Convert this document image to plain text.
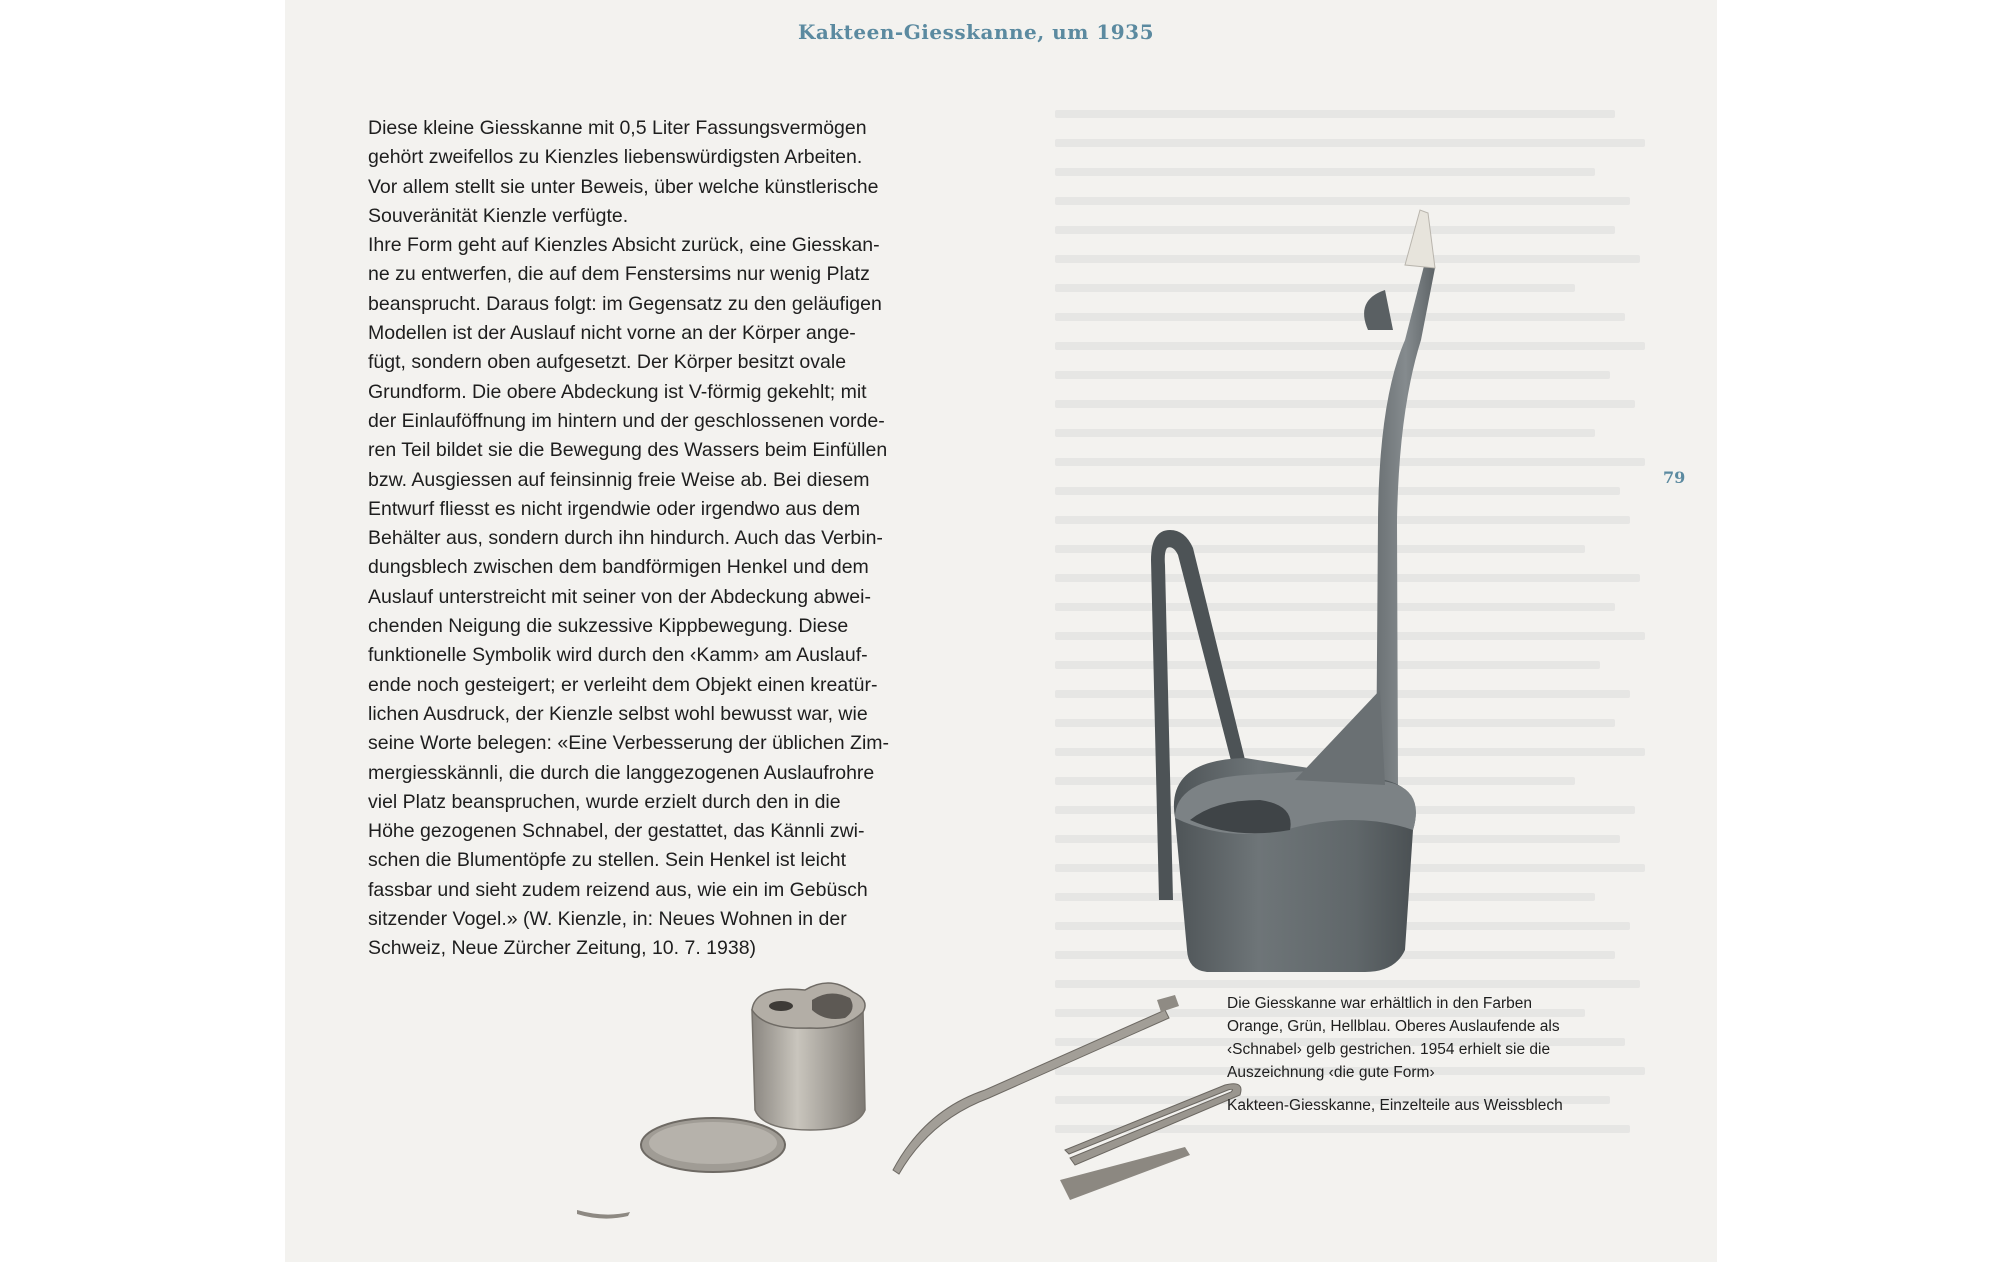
Kakteen-Giesskanne, um 1935

Diese kleine Giesskanne mit 0,5 Liter Fassungsvermögen

gehört zweifellos zu Kienzles liebenswürdigsten Arbeiten.

Vor allem stellt sie unter Beweis, über welche künstlerische

Souveränität Kienzle verfügte.

Ihre Form geht auf Kienzles Absicht zurück, eine Giesskan-

ne zu entwerfen, die auf dem Fenstersims nur wenig Platz

beansprucht. Daraus folgt: im Gegensatz zu den geläufigen

Modellen ist der Auslauf nicht vorne an der Körper ange-

fügt, sondern oben aufgesetzt. Der Körper besitzt ovale

Grundform. Die obere Abdeckung ist V-förmig gekehlt; mit

der Einlauföffnung im hintern und der geschlossenen vorde-

ren Teil bildet sie die Bewegung des Wassers beim Einfüllen

bzw. Ausgiessen auf feinsinnig freie Weise ab. Bei diesem

Entwurf fliesst es nicht irgendwie oder irgendwo aus dem

Behälter aus, sondern durch ihn hindurch. Auch das Verbin-

dungsblech zwischen dem bandförmigen Henkel und dem

Auslauf unterstreicht mit seiner von der Abdeckung abwei-

chenden Neigung die sukzessive Kippbewegung. Diese

funktionelle Symbolik wird durch den ‹Kamm› am Auslauf-

ende noch gesteigert; er verleiht dem Objekt einen kreatür-

lichen Ausdruck, der Kienzle selbst wohl bewusst war, wie

seine Worte belegen: «Eine Verbesserung der üblichen Zim-

mergiesskännli, die durch die langgezogenen Auslaufrohre

viel Platz beanspruchen, wurde erzielt durch den in die

Höhe gezogenen Schnabel, der gestattet, das Kännli zwi-

schen die Blumentöpfe zu stellen. Sein Henkel ist leicht

fassbar und sieht zudem reizend aus, wie ein im Gebüsch

sitzender Vogel.» (W. Kienzle, in: Neues Wohnen in der

Schweiz, Neue Zürcher Zeitung, 10. 7. 1938)

79

Die Giesskanne war erhältlich in den Farben

Orange, Grün, Hellblau. Oberes Auslaufende als

‹Schnabel› gelb gestrichen. 1954 erhielt sie die

Auszeichnung ‹die gute Form›

Kakteen-Giesskanne, Einzelteile aus Weissblech
